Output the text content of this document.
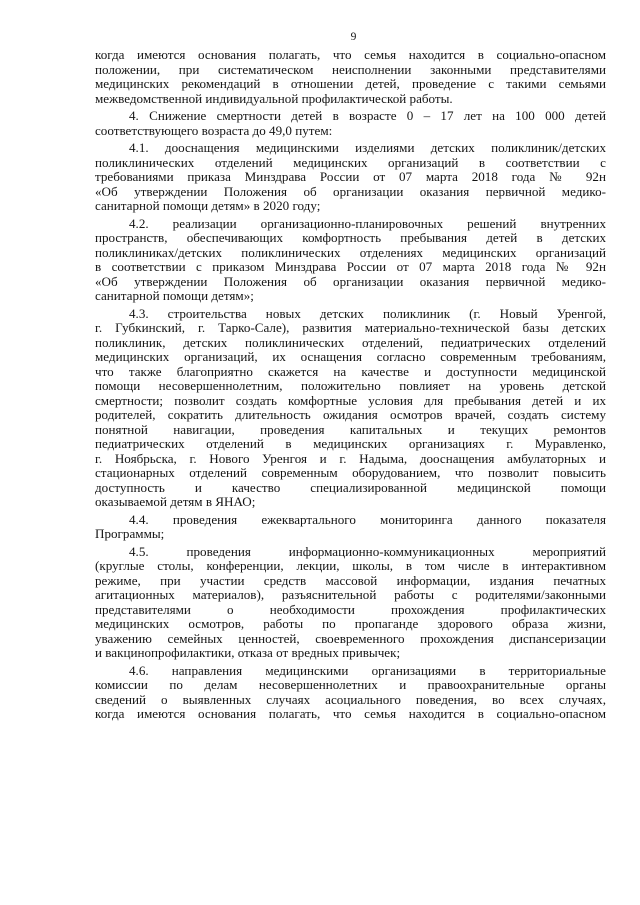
9
когда имеются основания полагать, что семья находится в социально-опасном
положении, при систематическом неисполнении законными представителями
медицинских рекомендаций в отношении детей, проведение с такими семьями
межведомственной индивидуальной профилактической работы.
4. Снижение смертности детей в возрасте 0 – 17 лет на 100 000 детей
соответствующего возраста до 49,0 путем:
4.1. дооснащения медицинскими изделиями детских поликлиник/детских
поликлинических отделений медицинских организаций в соответствии с
требованиями приказа Минздрава России от 07 марта 2018 года № 92н
«Об утверждении Положения об организации оказания первичной медико-
санитарной помощи детям» в 2020 году;
4.2. реализации организационно-планировочных решений внутренних
пространств, обеспечивающих комфортность пребывания детей в детских
поликлиниках/детских поликлинических отделениях медицинских организаций
в соответствии с приказом Минздрава России от 07 марта 2018 года № 92н
«Об утверждении Положения об организации оказания первичной медико-
санитарной помощи детям»;
4.3. строительства новых детских поликлиник (г. Новый Уренгой,
г. Губкинский, г. Тарко-Сале), развития материально-технической базы детских
поликлиник, детских поликлинических отделений, педиатрических отделений
медицинских организаций, их оснащения согласно современным требованиям,
что также благоприятно скажется на качестве и доступности медицинской
помощи несовершеннолетним, положительно повлияет на уровень детской
смертности; позволит создать комфортные условия для пребывания детей и их
родителей, сократить длительность ожидания осмотров врачей, создать систему
понятной навигации, проведения капитальных и текущих ремонтов
педиатрических отделений в медицинских организациях г. Муравленко,
г. Ноябрьска, г. Нового Уренгоя и г. Надыма, дооснащения амбулаторных и
стационарных отделений современным оборудованием, что позволит повысить
доступность и качество специализированной медицинской помощи
оказываемой детям в ЯНАО;
4.4. проведения ежеквартального мониторинга данного показателя
Программы;
4.5. проведения информационно-коммуникационных мероприятий
(круглые столы, конференции, лекции, школы, в том числе в интерактивном
режиме, при участии средств массовой информации, издания печатных
агитационных материалов), разъяснительной работы с родителями/законными
представителями о необходимости прохождения профилактических
медицинских осмотров, работы по пропаганде здорового образа жизни,
уважению семейных ценностей, своевременного прохождения диспансеризации
и вакцинопрофилактики, отказа от вредных привычек;
4.6. направления медицинскими организациями в территориальные
комиссии по делам несовершеннолетних и правоохранительные органы
сведений о выявленных случаях асоциального поведения, во всех случаях,
когда имеются основания полагать, что семья находится в социально-опасном
